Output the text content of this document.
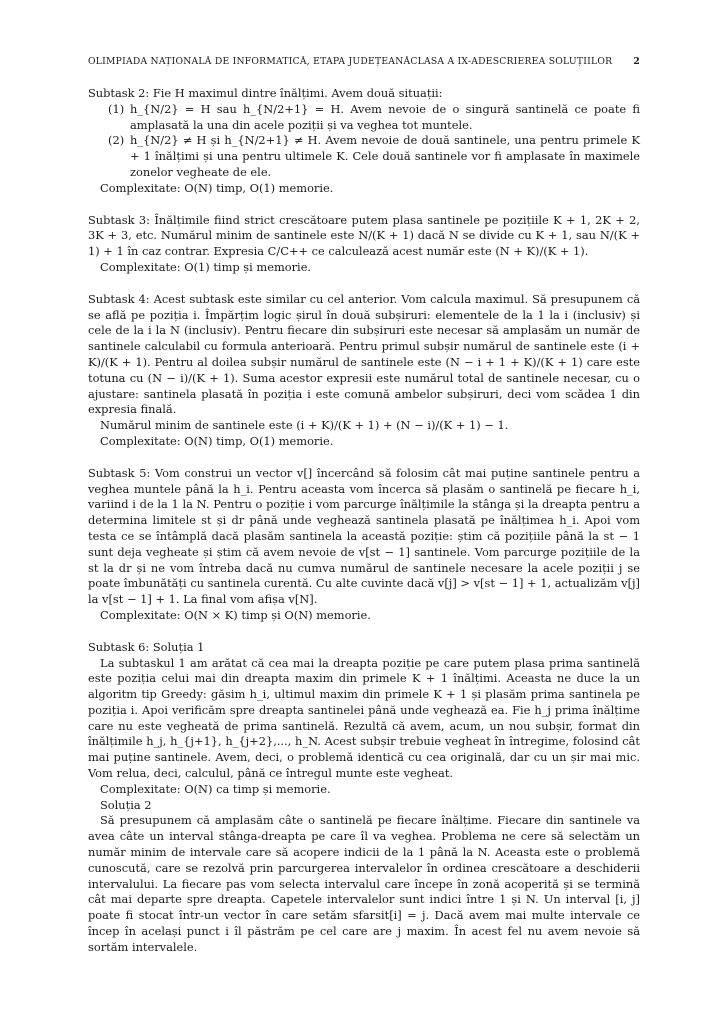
OLIMPIADA NAȚIONALĂ DE INFORMATICĂ, ETAPA JUDEȚEANĂCLASA A IX-ADESCRIEREA SOLUȚIILOR 2

Subtask 2: Fie H maximul dintre înălțimi. Avem două situații:

(1) h_{N/2} = H sau h_{N/2+1} = H. Avem nevoie de o singură santinelă ce poate fi amplasată la una din acele poziții și va veghea tot muntele.
(2) h_{N/2} ≠ H și h_{N/2+1} ≠ H. Avem nevoie de două santinele, una pentru primele K + 1 înălțimi și una pentru ultimele K. Cele două santinele vor fi amplasate în maximele zonelor vegheate de ele.

Complexitate: O(N) timp, O(1) memorie.

Subtask 3: Înălțimile fiind strict crescătoare putem plasa santinele pe pozițiile K + 1, 2K + 2, 3K + 3, etc. Numărul minim de santinele este N/(K + 1) dacă N se divide cu K + 1, sau N/(K + 1) + 1 în caz contrar. Expresia C/C++ ce calculează acest număr este (N + K)/(K + 1).

Complexitate: O(1) timp și memorie.

Subtask 4: Acest subtask este similar cu cel anterior. Vom calcula maximul. Să presupunem că se află pe poziția i. Împărțim logic șirul în două subșiruri: elementele de la 1 la i (inclusiv) și cele de la i la N (inclusiv). Pentru fiecare din subșiruri este necesar să amplasăm un număr de santinele calculabil cu formula anterioară. Pentru primul subșir numărul de santinele este (i + K)/(K + 1). Pentru al doilea subșir numărul de santinele este (N − i + 1 + K)/(K + 1) care este totuna cu (N − i)/(K + 1). Suma acestor expresii este numărul total de santinele necesar, cu o ajustare: santinela plasată în poziția i este comună ambelor subșiruri, deci vom scădea 1 din expresia finală.

Numărul minim de santinele este (i + K)/(K + 1) + (N − i)/(K + 1) − 1.

Complexitate: O(N) timp, O(1) memorie.

Subtask 5: Vom construi un vector v[] încercând să folosim cât mai puține santinele pentru a veghea muntele până la h_i. Pentru aceasta vom încerca să plasăm o santinelă pe fiecare h_i, variind i de la 1 la N. Pentru o poziție i vom parcurge înălțimile la stânga și la dreapta pentru a determina limitele st și dr până unde veghează santinela plasată pe înălțimea h_i. Apoi vom testa ce se întâmplă dacă plasăm santinela la această poziție: știm că pozițiile până la st − 1 sunt deja vegheate și știm că avem nevoie de v[st − 1] santinele. Vom parcurge pozițiile de la st la dr și ne vom întreba dacă nu cumva numărul de santinele necesare la acele poziții j se poate îmbunătăți cu santinela curentă. Cu alte cuvinte dacă v[j] > v[st − 1] + 1, actualizăm v[j] la v[st − 1] + 1. La final vom afișa v[N].

Complexitate: O(N × K) timp și O(N) memorie.

Subtask 6: Soluția 1

La subtaskul 1 am arătat că cea mai la dreapta poziție pe care putem plasa prima santinelă este poziția celui mai din dreapta maxim din primele K + 1 înălțimi. Aceasta ne duce la un algoritm tip Greedy: găsim h_i, ultimul maxim din primele K + 1 și plasăm prima santinela pe poziția i. Apoi verificăm spre dreapta santinelei până unde veghează ea. Fie h_j prima înălțime care nu este vegheată de prima santinelă. Rezultă că avem, acum, un nou subșir, format din înălțimile h_j, h_{j+1}, h_{j+2},..., h_N. Acest subșir trebuie vegheat în întregime, folosind cât mai puține santinele. Avem, deci, o problemă identică cu cea originală, dar cu un șir mai mic. Vom relua, deci, calculul, până ce întregul munte este vegheat.

Complexitate: O(N) ca timp și memorie.

Soluția 2

Să presupunem că amplasăm câte o santinelă pe fiecare înălțime. Fiecare din santinele va avea câte un interval stânga-dreapta pe care îl va veghea. Problema ne cere să selectăm un număr minim de intervale care să acopere indicii de la 1 până la N. Aceasta este o problemă cunoscută, care se rezolvă prin parcurgerea intervalelor în ordinea crescătoare a deschiderii intervalului. La fiecare pas vom selecta intervalul care începe în zonă acoperită și se termină cât mai departe spre dreapta. Capetele intervalelor sunt indici între 1 și N. Un interval [i, j] poate fi stocat într-un vector în care setăm sfarsit[i] = j. Dacă avem mai multe intervale ce încep în același punct i îl păstrăm pe cel care are j maxim. În acest fel nu avem nevoie să sortăm intervalele.
